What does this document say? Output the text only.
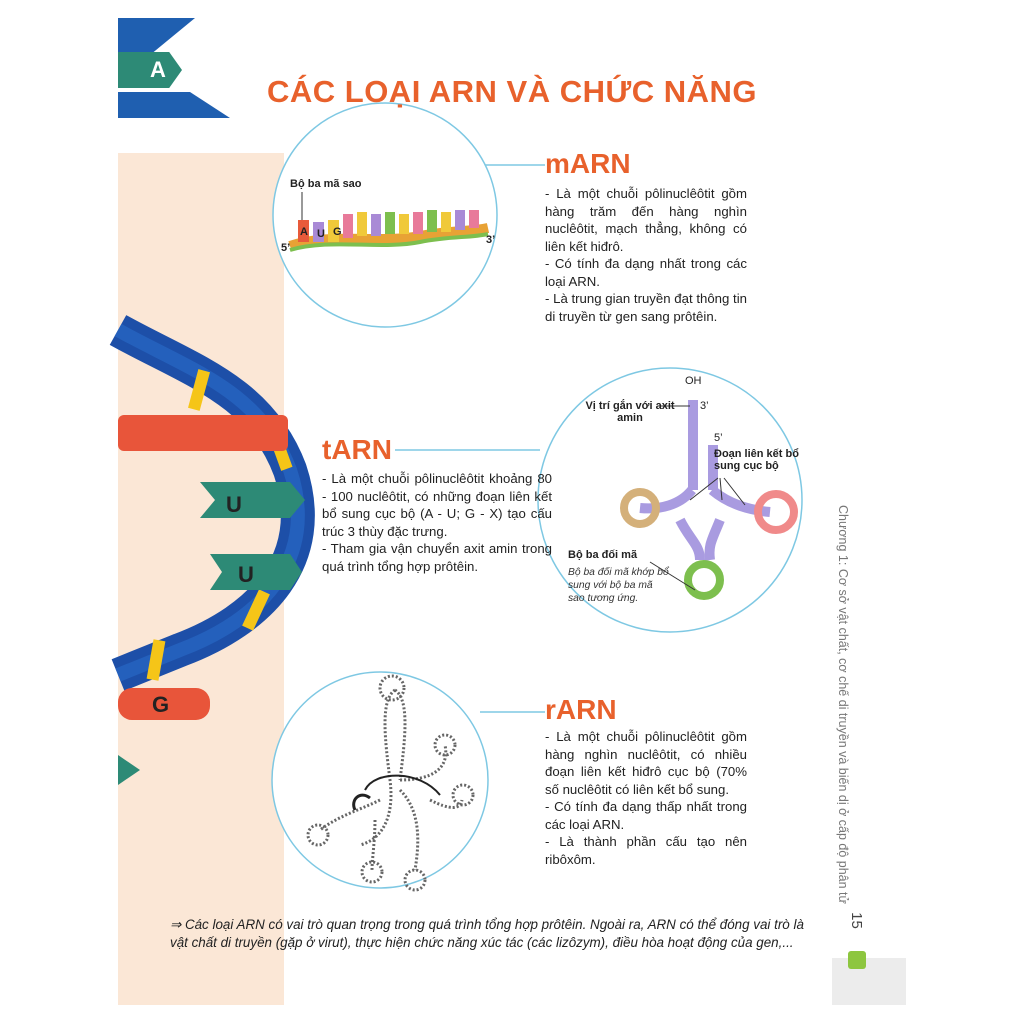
A
CÁC LOẠI ARN VÀ CHỨC NĂNG
U
U
G
Bộ ba mã sao
A U G
5’
3’
mARN

- Là một chuỗi pôlinuclêôtit gồm hàng trăm đến hàng nghìn nuclêôtit, mạch thẳng, không có liên kết hiđrô.

- Có tính đa dạng nhất trong các loại ARN.

- Là trung gian truyền đạt thông tin di truyền từ gen sang prôtêin.

tARN

- Là một chuỗi pôlinuclêôtit khoảng 80 - 100 nuclêôtit, có những đoạn liên kết bổ sung cục bộ (A - U; G - X) tạo cấu trúc 3 thùy đặc trưng.

- Tham gia vận chuyển axit amin trong quá trình tổng hợp prôtêin.

OH
3’
5’
Vị trí gắn với axit amin
Đoạn liên kết bổ sung cục bộ
Bộ ba đối mã
Bộ ba đối mã khớp bổ sung với bộ ba mã sao tương ứng.
rARN

- Là một chuỗi pôlinuclêôtit gồm hàng nghìn nuclêôtit, có nhiều đoạn liên kết hiđrô cục bộ (70% số nuclêôtit có liên kết bổ sung.

- Có tính đa dạng thấp nhất trong các loại ARN.

- Là thành phần cấu tạo nên ribôxôm.

⇒ Các loại ARN có vai trò quan trọng trong quá trình tổng hợp prôtêin. Ngoài ra, ARN có thể đóng vai trò là vật chất di truyền (gặp ở virut), thực hiện chức năng xúc tác (các lizôzym), điều hòa hoạt động của gen,...
Chương 1: Cơ sở vật chất, cơ chế di truyền và biến dị ở cấp độ phân tử
15
